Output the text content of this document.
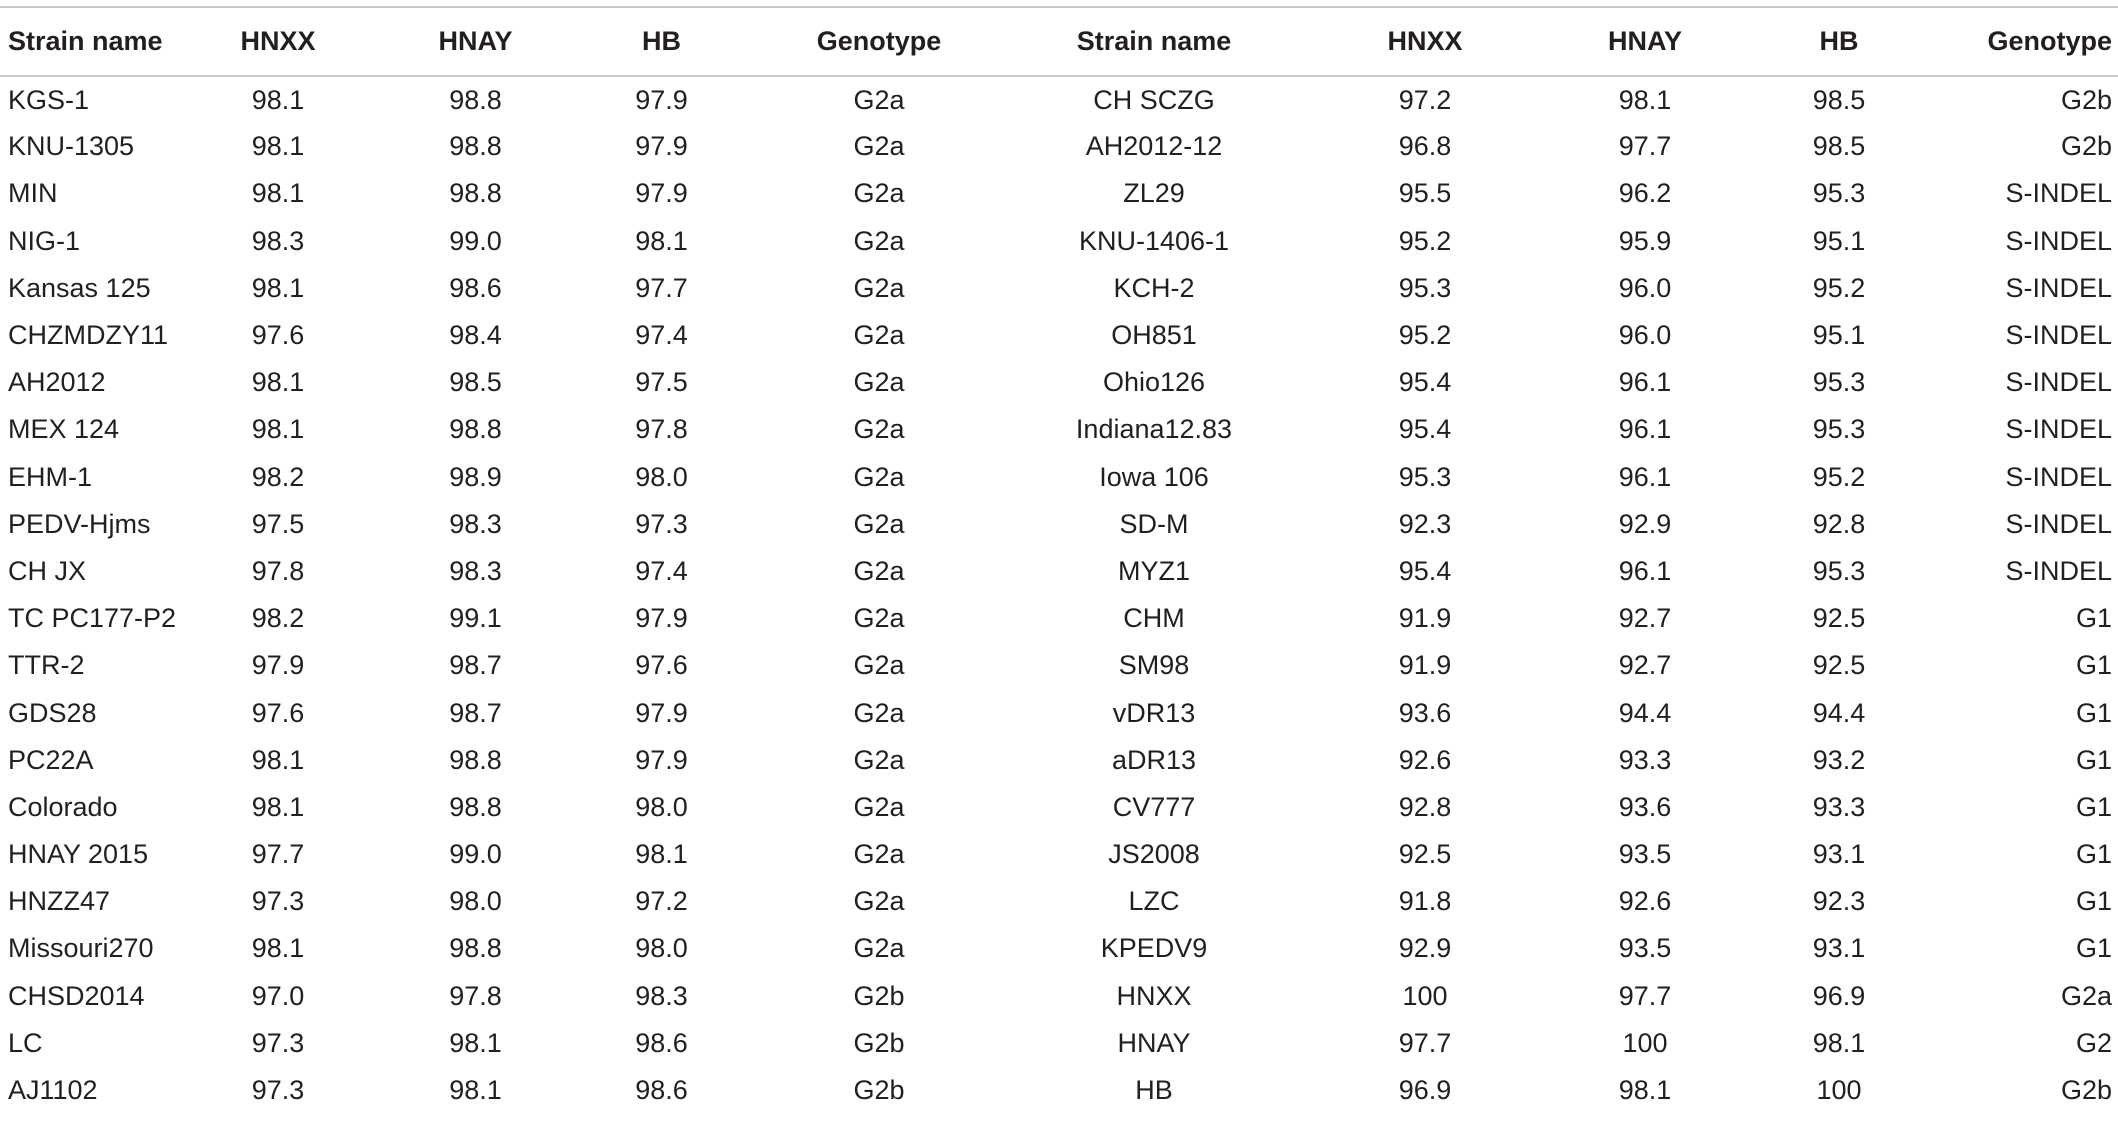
Strain name	HNXX	HNAY	HB	Genotype	Strain name	HNXX	HNAY	HB	Genotype
KGS-1	98.1	98.8	97.9	G2a	CH SCZG	97.2	98.1	98.5	G2b
KNU-1305	98.1	98.8	97.9	G2a	AH2012-12	96.8	97.7	98.5	G2b
MIN	98.1	98.8	97.9	G2a	ZL29	95.5	96.2	95.3	S-INDEL
NIG-1	98.3	99.0	98.1	G2a	KNU-1406-1	95.2	95.9	95.1	S-INDEL
Kansas 125	98.1	98.6	97.7	G2a	KCH-2	95.3	96.0	95.2	S-INDEL
CHZMDZY11	97.6	98.4	97.4	G2a	OH851	95.2	96.0	95.1	S-INDEL
AH2012	98.1	98.5	97.5	G2a	Ohio126	95.4	96.1	95.3	S-INDEL
MEX 124	98.1	98.8	97.8	G2a	Indiana12.83	95.4	96.1	95.3	S-INDEL
EHM-1	98.2	98.9	98.0	G2a	Iowa 106	95.3	96.1	95.2	S-INDEL
PEDV-Hjms	97.5	98.3	97.3	G2a	SD-M	92.3	92.9	92.8	S-INDEL
CH JX	97.8	98.3	97.4	G2a	MYZ1	95.4	96.1	95.3	S-INDEL
TC PC177-P2	98.2	99.1	97.9	G2a	CHM	91.9	92.7	92.5	G1
TTR-2	97.9	98.7	97.6	G2a	SM98	91.9	92.7	92.5	G1
GDS28	97.6	98.7	97.9	G2a	vDR13	93.6	94.4	94.4	G1
PC22A	98.1	98.8	97.9	G2a	aDR13	92.6	93.3	93.2	G1
Colorado	98.1	98.8	98.0	G2a	CV777	92.8	93.6	93.3	G1
HNAY 2015	97.7	99.0	98.1	G2a	JS2008	92.5	93.5	93.1	G1
HNZZ47	97.3	98.0	97.2	G2a	LZC	91.8	92.6	92.3	G1
Missouri270	98.1	98.8	98.0	G2a	KPEDV9	92.9	93.5	93.1	G1
CHSD2014	97.0	97.8	98.3	G2b	HNXX	100	97.7	96.9	G2a
LC	97.3	98.1	98.6	G2b	HNAY	97.7	100	98.1	G2
AJ1102	97.3	98.1	98.6	G2b	HB	96.9	98.1	100	G2b
